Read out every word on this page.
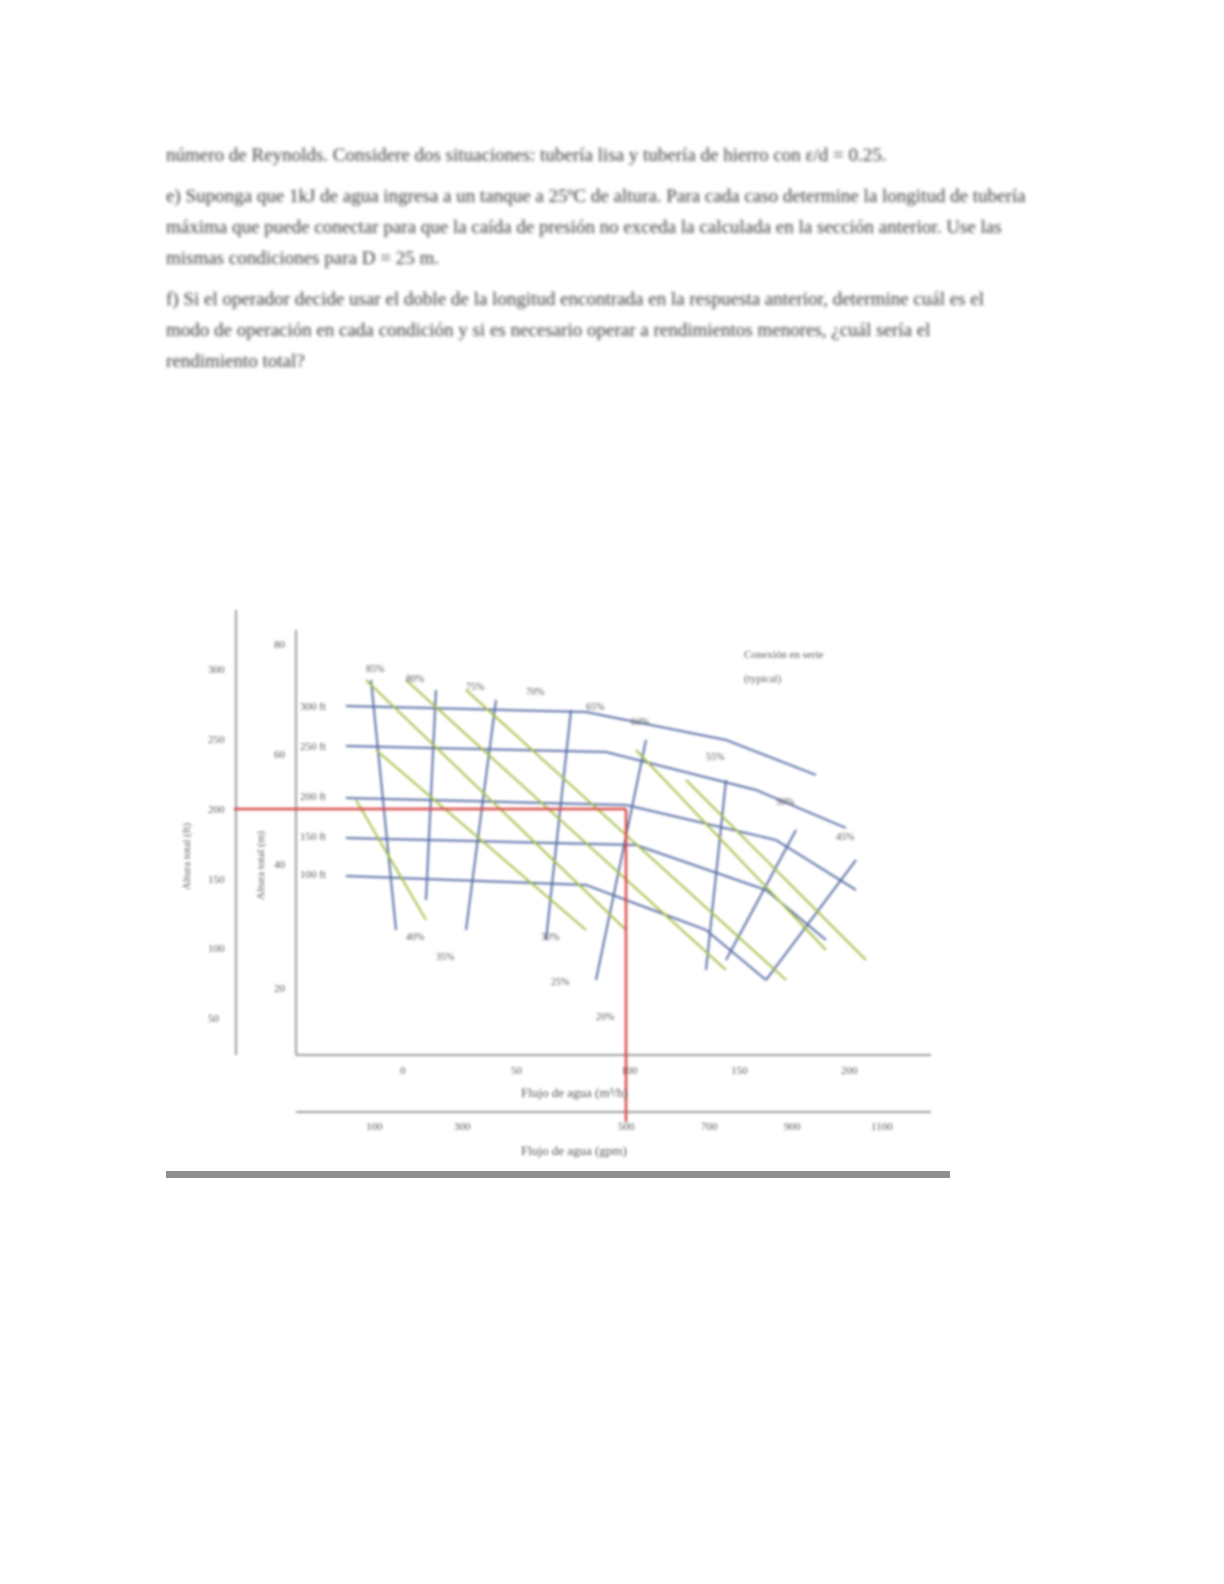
número de Reynolds. Considere dos situaciones: tubería lisa y tubería de hierro con ε/d = 0.25.

e) Suponga que 1kJ de agua ingresa a un tanque a 25ºC de altura. Para cada caso determine la longitud de tubería máxima que puede conectar para que la caída de presión no exceda la calculada en la sección anterior. Use las mismas condiciones para D = 25 m.

f) Si el operador decide usar el doble de la longitud encontrada en la respuesta anterior, determine cuál es el modo de operación en cada condición y si es necesario operar a rendimientos menores, ¿cuál sería el rendimiento total?

300
250
200
150
100
50
Altura total (ft)	Altura total (m)
80
60
40
20
300 ft
250 ft
200 ft
150 ft
100 ft
85%
80%
75%	70%
65%
60%
55%
50%
45%
40%
35%
30%
25%
20%
Conexión en serie
(typical)
0	50	100	150	200
Flujo de agua (m³/h)
100	300	500	700	900	1100
Flujo de agua (gpm)
